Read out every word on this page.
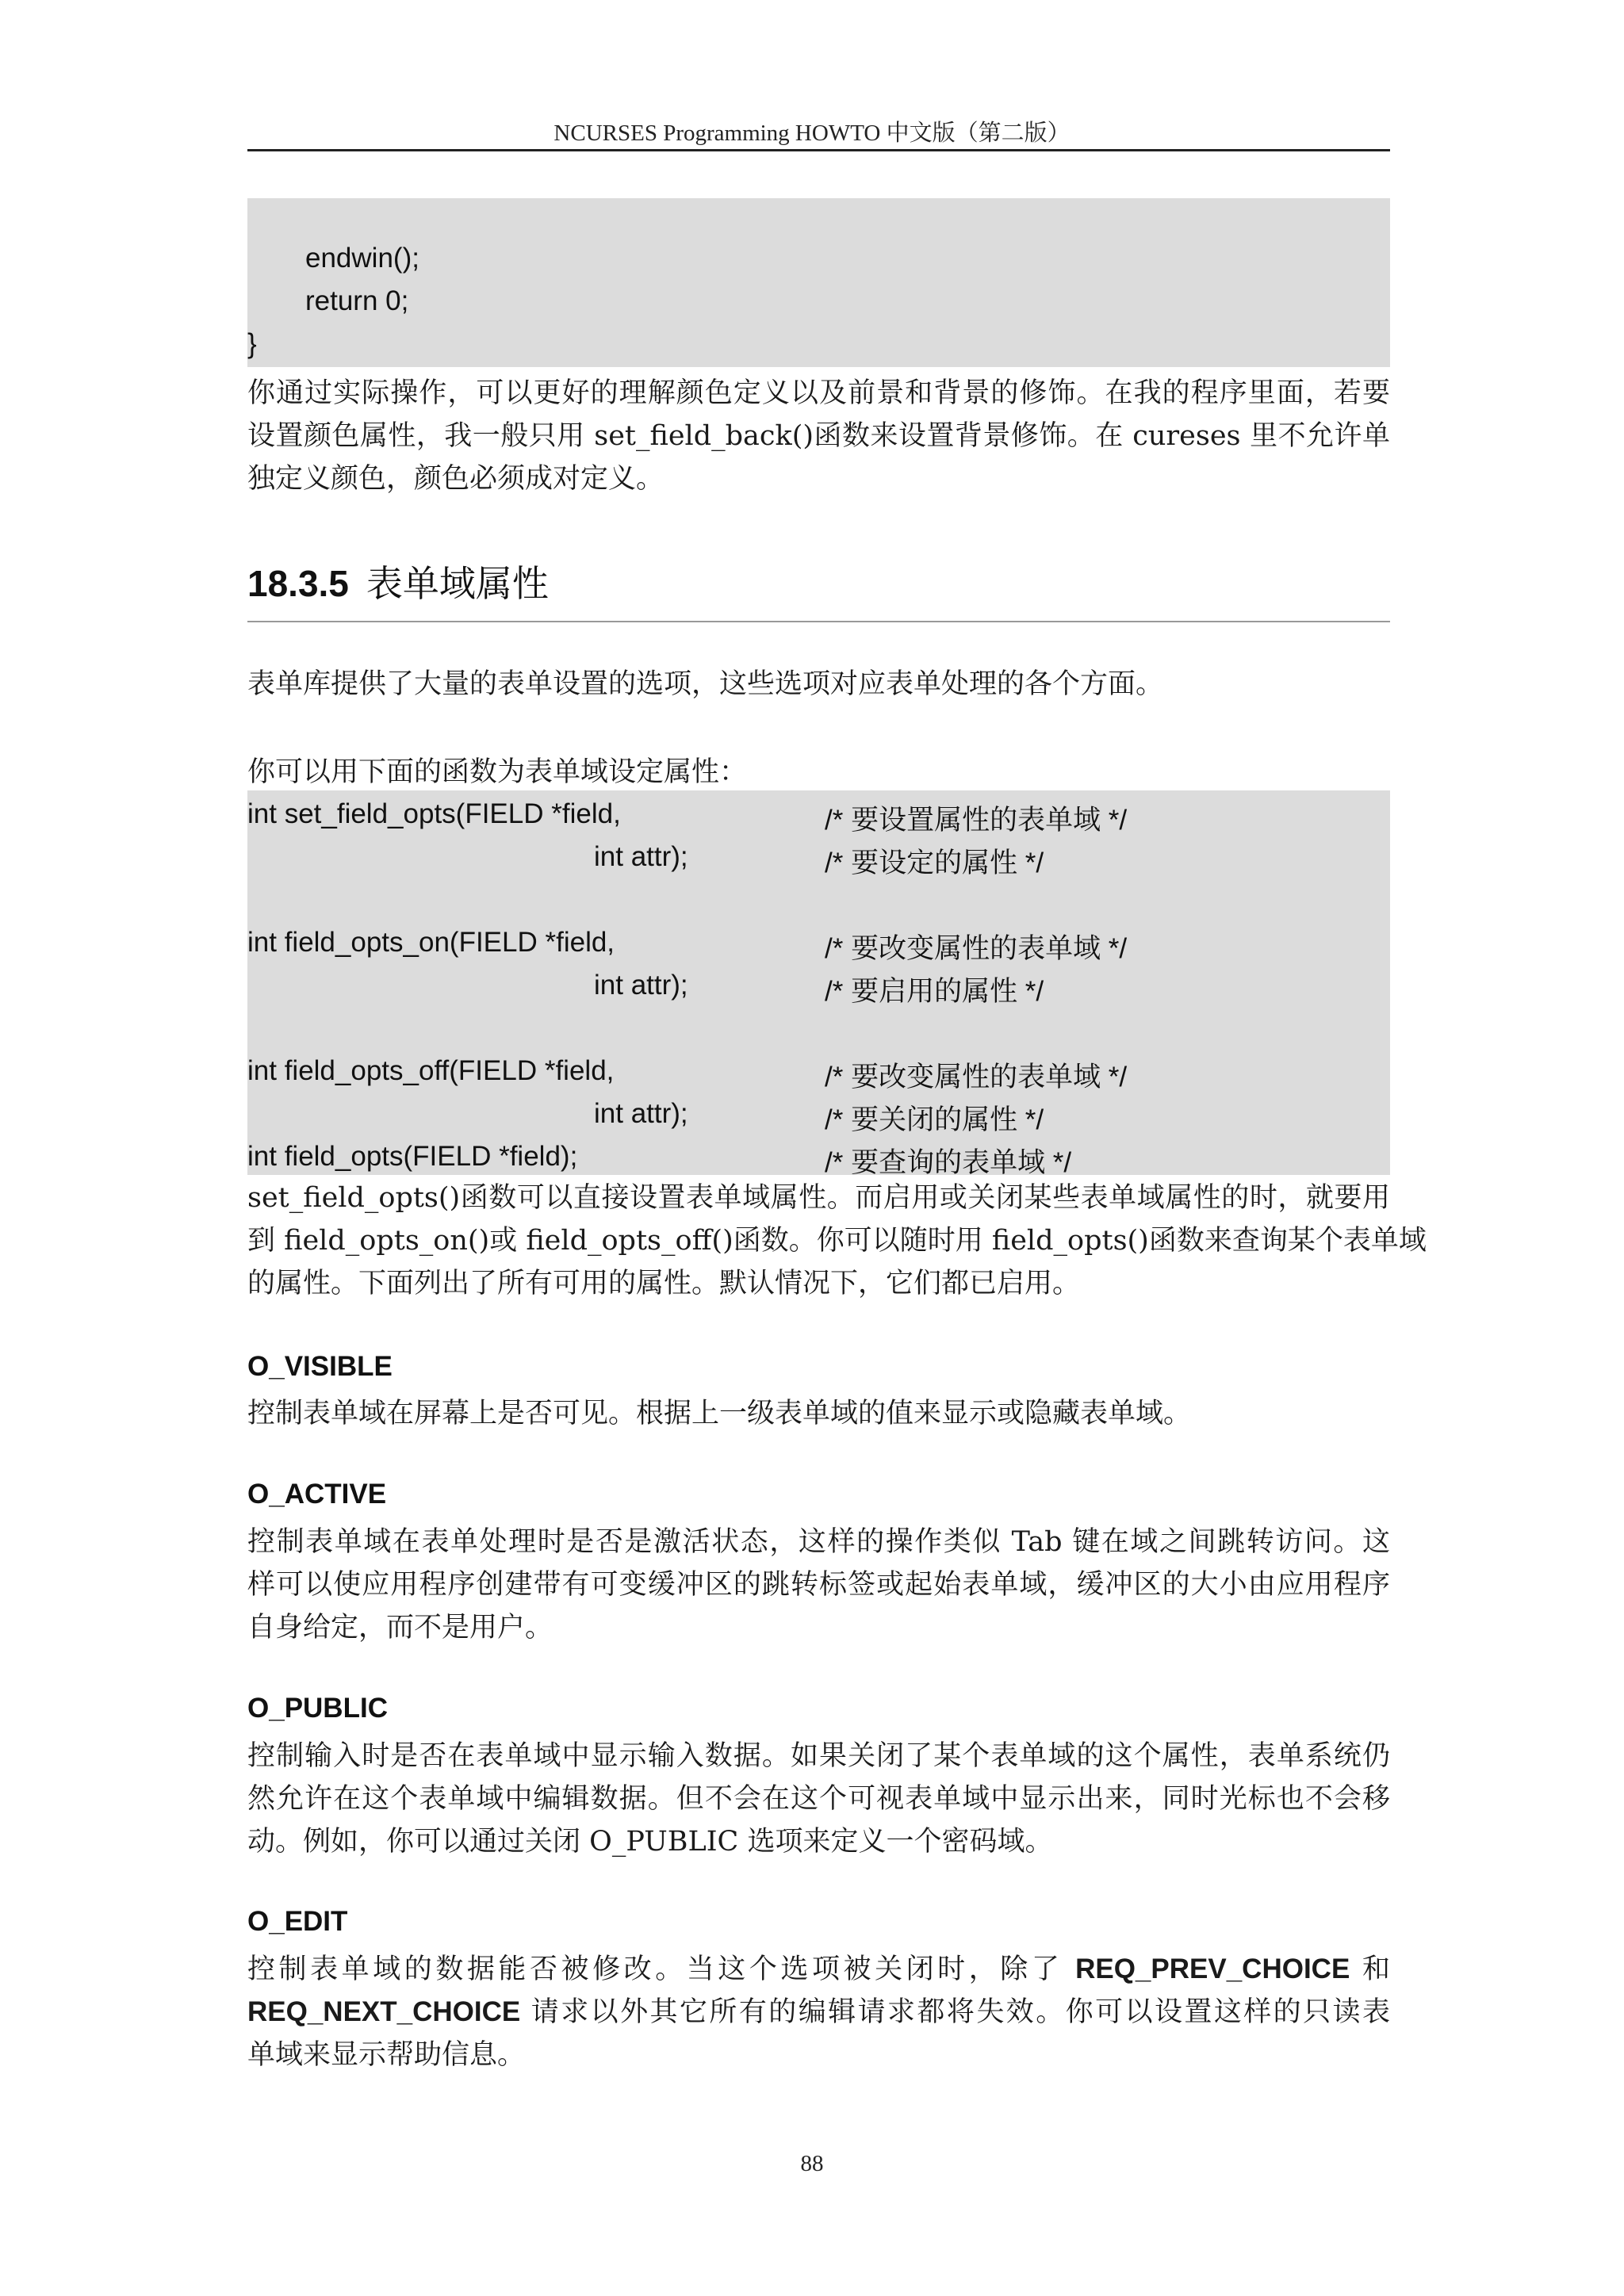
NCURSES Programming HOWTO 中文版（第二版）
endwin();
return 0;
}

你通过实际操作，可以更好的理解颜色定义以及前景和背景的修饰。在我的程序里面，若要

设置颜色属性，我一般只用 set_field_back()函数来设置背景修饰。在 cureses 里不允许单

独定义颜色，颜色必须成对定义。

18.3.5 表单域属性

表单库提供了大量的表单设置的选项，这些选项对应表单处理的各个方面。

你可以用下面的函数为表单域设定属性：

int set_field_opts(FIELD *field,	/* 要设置属性的表单域 */
int attr);	/* 要设定的属性 */
int field_opts_on(FIELD *field,	/* 要改变属性的表单域 */
int attr);	/* 要启用的属性 */
int field_opts_off(FIELD *field,	/* 要改变属性的表单域 */
int attr);	/* 要关闭的属性 */
int field_opts(FIELD *field);	/* 要查询的表单域 */

set_field_opts()函数可以直接设置表单域属性。而启用或关闭某些表单域属性的时，就要用

到 field_opts_on()或 field_opts_off()函数。你可以随时用 field_opts()函数来查询某个表单域

的属性。下面列出了所有可用的属性。默认情况下，它们都已启用。

O_VISIBLE

控制表单域在屏幕上是否可见。根据上一级表单域的值来显示或隐藏表单域。

O_ACTIVE

控制表单域在表单处理时是否是激活状态，这样的操作类似 Tab 键在域之间跳转访问。这

样可以使应用程序创建带有可变缓冲区的跳转标签或起始表单域，缓冲区的大小由应用程序

自身给定，而不是用户。

O_PUBLIC

控制输入时是否在表单域中显示输入数据。如果关闭了某个表单域的这个属性，表单系统仍

然允许在这个表单域中编辑数据。但不会在这个可视表单域中显示出来，同时光标也不会移

动。例如，你可以通过关闭 O_PUBLIC 选项来定义一个密码域。

O_EDIT

控制表单域的数据能否被修改。当这个选项被关闭时，除了 REQ_PREV_CHOICE 和

REQ_NEXT_CHOICE 请求以外其它所有的编辑请求都将失效。你可以设置这样的只读表

单域来显示帮助信息。

88
